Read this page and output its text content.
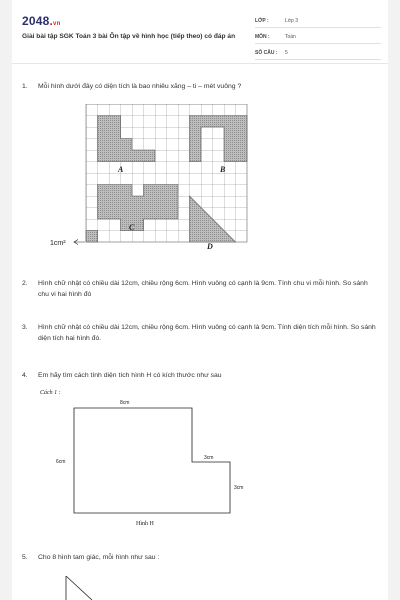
2048.vn
Giải bài tập SGK Toán 3 bài Ôn tập về hình học (tiếp theo) có đáp án
LỚP :	Lớp 3
MÔN :	Toán
SỐ CÂU :	5
1. Mỗi hình dưới đây có diện tích là bao nhiêu xăng – ti – mét vuông ?
A	B
C
D
1cm²
2. Hình chữ nhật có chiều dài 12cm, chiều rộng 6cm. Hình vuông có cạnh là 9cm. Tính chu vi mỗi hình. So sánh chu vi hai hình đó
3. Hình chữ nhật có chiều dài 12cm, chiều rộng 6cm. Hình vuông có cạnh là 9cm. Tính diện tích mỗi hình. So sánh diện tích hai hình đó.
4. Em hãy tìm cách tính diện tích hình H có kích thước như sau
Cách 1 :
8cm
6cm
3cm
3cm
Hình H
5. Cho 8 hình tam giác, mỗi hình như sau :
